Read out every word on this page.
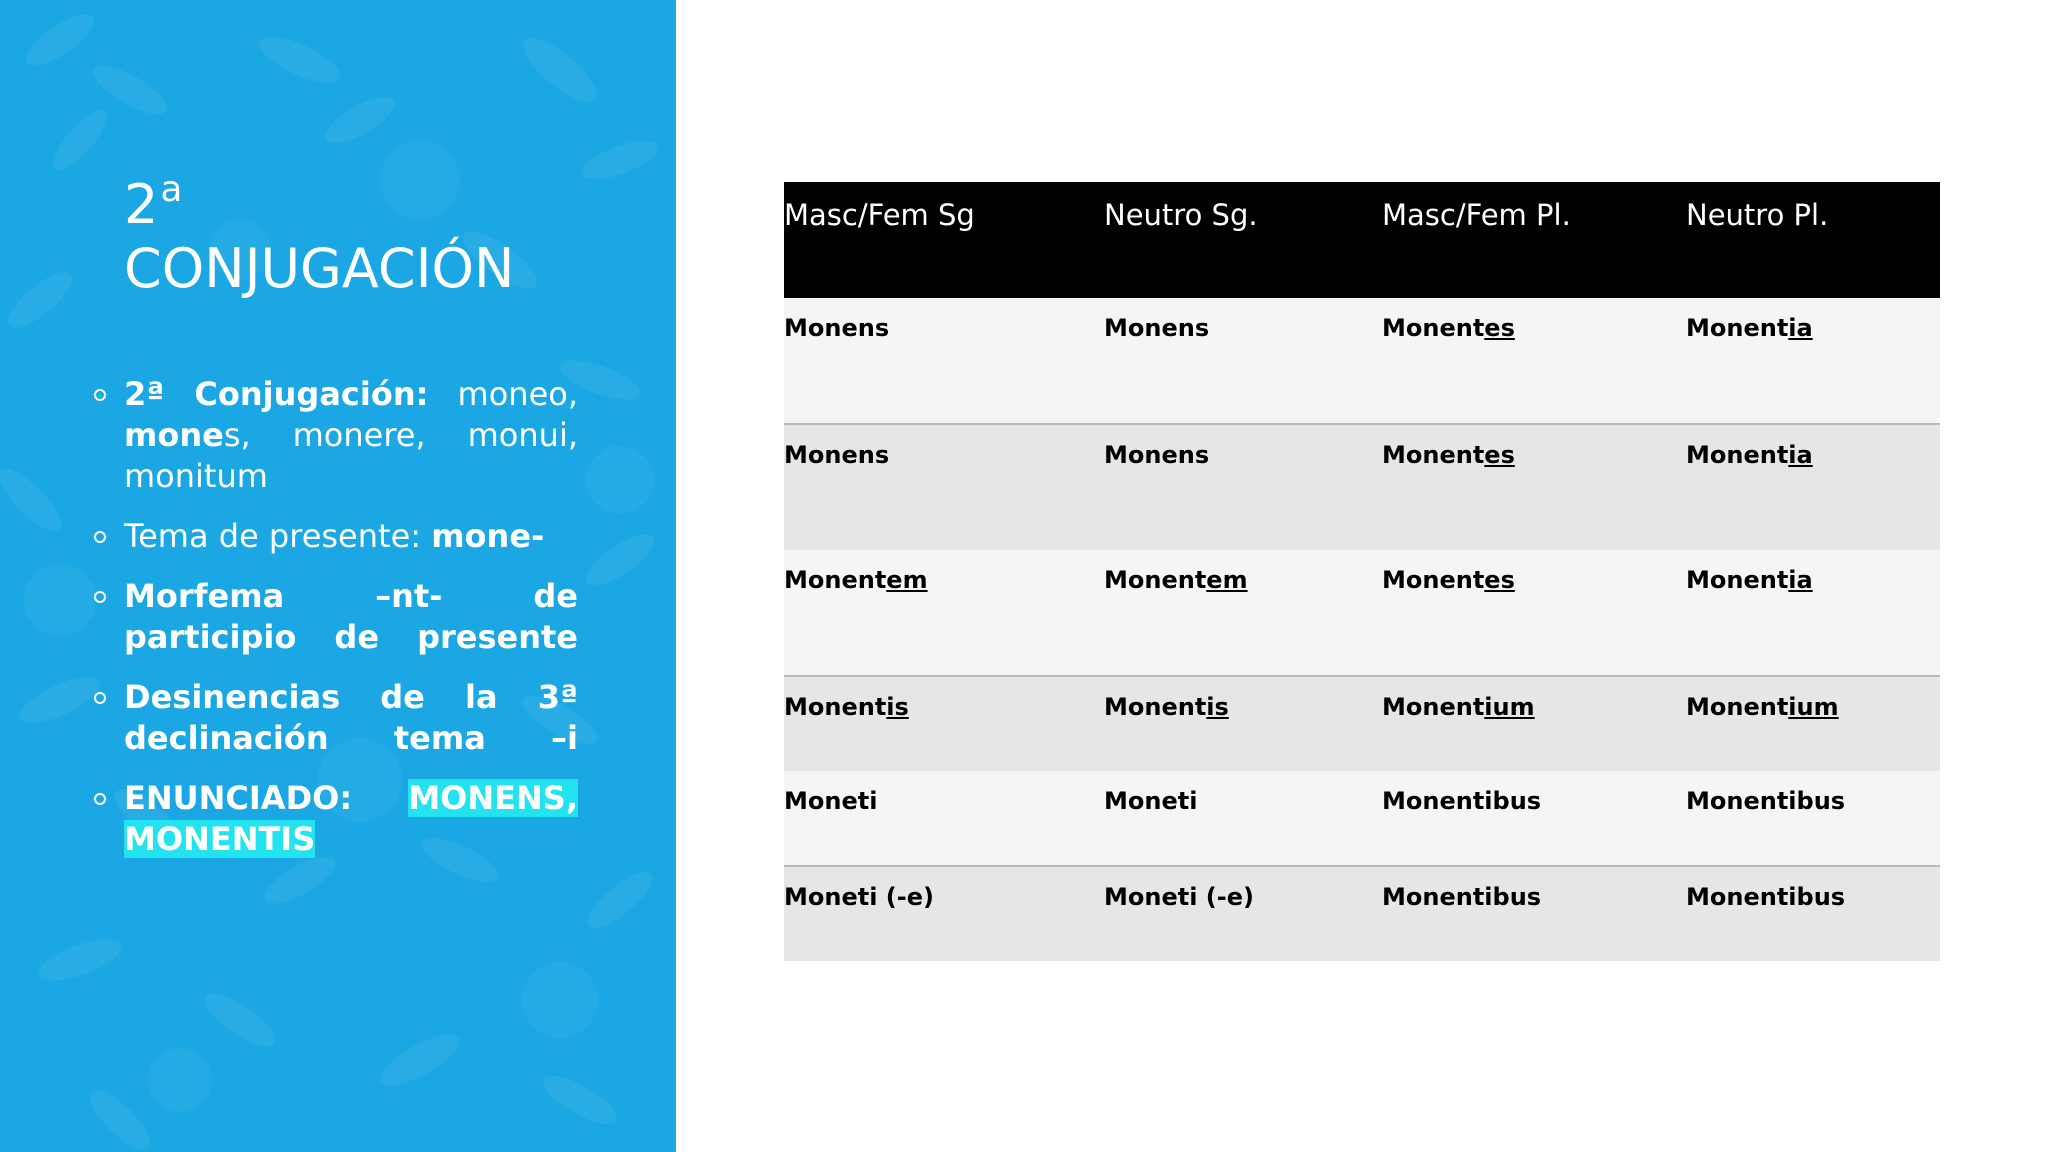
2$^a$
CONJUGACIÓN
2ª Conjugación: moneo, mones, monere, monui, monitum
Tema de presente: mone-
Morfema –nt- de participio de presente
Desinencias de la 3ª declinación tema –i
ENUNCIADO: MONENS, MONENTIS
Masc/Fem Sg	Neutro Sg.	Masc/Fem Pl.	Neutro Pl.
Monens	Monens	Monentes	Monentia
Monens	Monens	Monentes	Monentia
Monentem	Monentem	Monentes	Monentia
Monentis	Monentis	Monentium	Monentium
Moneti	Moneti	Monentibus	Monentibus
Moneti (-e)	Moneti (-e)	Monentibus	Monentibus
